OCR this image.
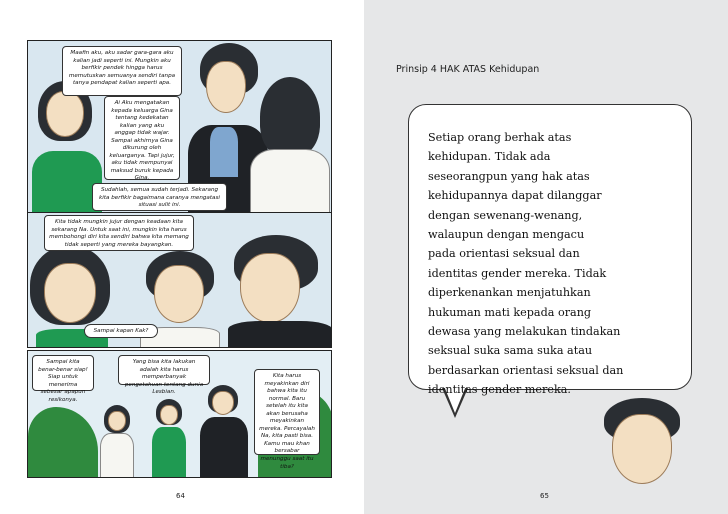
Maafin aku, aku sadar gara-gara aku kalian jadi seperti ini. Mungkin aku berfikir pendek hingga harus memutuskan semuanya sendiri tanpa tanya pendapat kalian seperti apa.
Ai Aku mengatakan kepada keluarga Gina tentang kedekatan kalian yang aku anggap tidak wajar. Sampai akhirnya Gina dikurung oleh keluarganya. Tapi jujur, aku tidak mempunyai maksud buruk kepada Gina.
Sudahlah, semua sudah terjadi. Sekarang kita berfikir bagaimana caranya mengatasi situasi sulit ini.
Kita tidak mungkin jujur dengan keadaan kita sekarang Na. Untuk saat ini, mungkin kita harus membohongi diri kita sendiri bahwa kita memang tidak seperti yang mereka bayangkan.
Sampai kapan Kak?
Sampai kita benar-benar siap! Siap untuk menerima sebesar apapun resikonya.
Yang bisa kita lakukan adalah kita harus memperbanyak pengetahuan tentang dunia Lesbian.
Kita harus meyakinkan diri bahwa kita itu normal. Baru setelah itu kita akan berusaha meyakinkan mereka. Percayalah Na, kita pasti bisa. Kamu mau khan bersabar menunggu saat itu tiba?
64
Prinsip 4 HAK ATAS Kehidupan
Setiap orang berhak atas
kehidupan. Tidak ada
seseorangpun yang hak atas
kehidupannya dapat dilanggar
dengan sewenang-wenang,
walaupun dengan mengacu
pada orientasi seksual dan
identitas gender mereka. Tidak
diperkenankan menjatuhkan
hukuman mati kepada orang
dewasa yang melakukan tindakan
seksual suka sama suka atau
berdasarkan orientasi seksual dan
identitas gender mereka.
65
